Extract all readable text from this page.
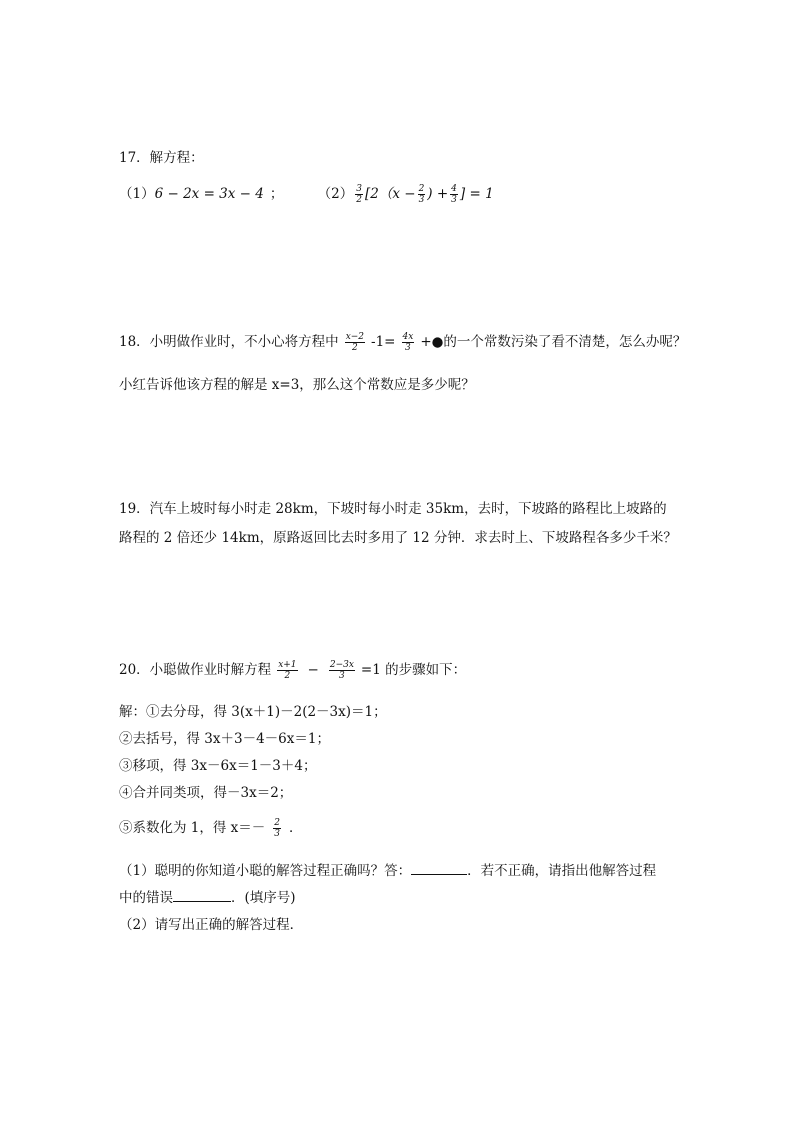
17．解方程：
（1）6 − 2x = 3x − 4 ；	$(2) \frac{3}{2} [2(x - \frac{2}{3}$ ) + $\frac{4}{3}$ ] = 1
18．小明做作业时，不小心将方程中 $\frac{x-2}{2} -1= \frac{4x}{3}$ +●的一个常数污染了看不清楚，怎么办呢？
小红告诉他该方程的解是 x=3，那么这个常数应是多少呢？
19．汽车上坡时每小时走 28km，下坡时每小时走 35km，去时，下坡路的路程比上坡路的
路程的 2 倍还少 14km，原路返回比去时多用了 12 分钟．求去时上、下坡路程各多少千米？
20．小聪做作业时解方程 $\frac{x+1}{2} - \frac{2-3x}{3} =1$ 的步骤如下：
解：①去分母，得 3(x＋1)－2(2－3x)＝1；
②去括号，得 3x＋3－4－6x＝1；
③移项，得 3x－6x＝1－3＋4；
④合并同类项，得－3x＝2；
⑤系数化为 1，得 $x=- \frac{2}{3}$ ．
（1）聪明的你知道小聪的解答过程正确吗？答：	．若不正确，请指出他解答过程
中的错误	．(填序号)
（2）请写出正确的解答过程．
